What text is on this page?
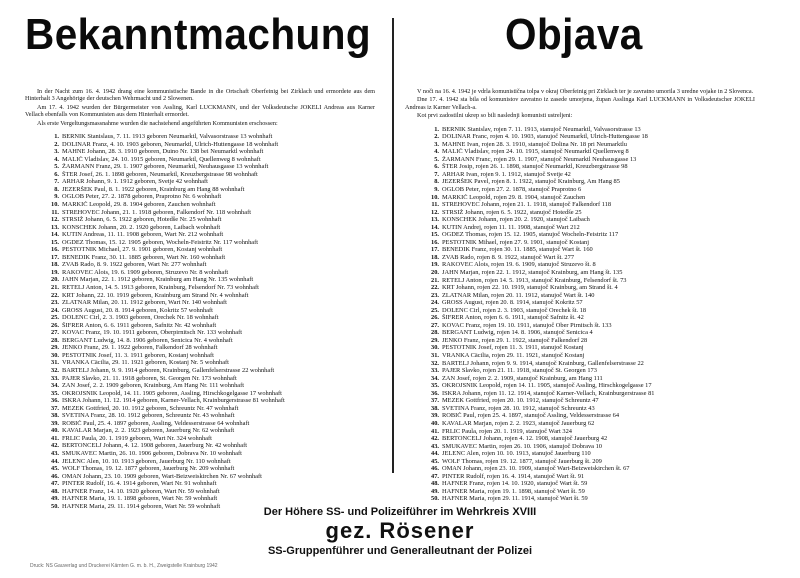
Bekanntmachung	Objava

In der Nacht zum 16. 4. 1942 drang eine kommunistische Bande in die Ortschaft Oberfeinig bei Zirklach und ermordete aus dem Hinterhalt 3 Angehörige der deutschen Wehrmacht und 2 Slowenen.

Am 17. 4. 1942 wurden der Bürgermeister von Assling, Karl LUCKMANN, und der Volksdeutsche JOKELI Andreas aus Karner Vellach ebenfalls von Kommunisten aus dem Hinterhalt ermordet.

Als erste Vergeltungsmassnahme wurden die nachstehend angeführten Kommunisten erschossen:

1. BERNIK Stanislaus, 7. 11. 1913 geboren Neumarktl, Valvasorstrasse 13 wohnhaft
2. DOLINAR Franz, 4. 10. 1903 geboren, Neumarktl, Ulrich-Huttengasse 18 wohnhaft
3. MAHNE Johann, 28. 3. 1910 geboren, Duino Nr. 138 bei Neumarktl wohnhaft
4. MALIČ Vladislav, 24. 10. 1915 geboren, Neumarktl, Quellenweg 8 wohnhaft
5. ŽARMANN Franz, 29. 1. 1907 geboren, Neumarktl, Neuhausgasse 13 wohnhaft
6. ŠTER Josef, 26. 1. 1898 geboren, Neumarktl, Kreuzbergstrasse 98 wohnhaft
7. ARHAR Johann, 9. 1. 1912 geboren, Svetje 42 wohnhaft
8. JEZERŠEK Paul, 8. 1. 1922 geboren, Krainburg am Hang 88 wohnhaft
9. OGLOB Peter, 27. 2. 1878 geboren, Praprotno Nr. 6 wohnhaft
10. MARKIČ Leopold, 29. 8. 1904 geboren, Zauchen wohnhaft
11. STREHOVEC Johann, 21. 1. 1918 geboren, Falkendorf Nr. 118 wohnhaft
12. STRSIŽ Johann, 6. 5. 1922 geboren, Hotedše Nr. 25 wohnhaft
13. KONSCHEK Johann, 20. 2. 1920 geboren, Laibach wohnhaft
14. KUTIN Andreas, 11. 11. 1908 geboren, Wart Nr. 212 wohnhaft
15. OGDEZ Thomas, 15. 12. 1905 geboren, Wocheln-Feistritz Nr. 117 wohnhaft
16. PESTOTNIK Michael, 27. 9. 1901 geboren, Kostanj wohnhaft
17. BENEDIK Franz, 30. 11. 1885 geboren, Wart Nr. 160 wohnhaft
18. ZVAB Rado, 8. 9. 1922 geboren, Wart Nr. 277 wohnhaft
19. RAKOVEC Alois, 19. 6. 1909 geboren, Struzevo Nr. 8 wohnhaft
20. JAHN Marjan, 22. 1. 1912 geboren, Krainburg am Hang Nr. 135 wohnhaft
21. RETELJ Anton, 14. 5. 1913 geboren, Krainburg, Felsendorf Nr. 73 wohnhaft
22. KRT Johann, 22. 10. 1919 geboren, Krainburg am Strand Nr. 4 wohnhaft
23. ZLATNAR Milan, 20. 11. 1912 geboren, Wart Nr. 140 wohnhaft
24. GROSS August, 20. 8. 1914 geboren, Kokritz 57 wohnhaft
25. DOLENC Cirl, 2. 3. 1903 geboren, Orechek Nr. 18 wohnhaft
26. ŠIFRER Anton, 6. 6. 1911 geboren, Safnitz Nr. 42 wohnhaft
27. KOVAC Franz, 19. 10. 1911 geboren, Oberpirnitsch Nr. 133 wohnhaft
28. BERGANT Ludwig, 14. 8. 1906 geboren, Senicica Nr. 4 wohnhaft
29. JENKO Franz, 29. 1. 1922 geboren, Falkendorf 28 wohnhaft
30. PESTOTNIK Josef, 11. 3. 1911 geboren, Kostanj wohnhaft
31. VRANKA Cäcilia, 29. 11. 1921 geboren, Kostanj Nr. 5 wohnhaft
32. BARTELJ Johann, 9. 9. 1914 geboren, Krainburg, Gallenfelserstrasse 22 wohnhaft
33. PAJER Slavko, 21. 11. 1918 geboren, St. Georgen Nr. 173 wohnhaft
34. ZAN Josef, 2. 2. 1909 geboren, Krainburg, Am Hang Nr. 111 wohnhaft
35. OKROJSNIK Leopold, 14. 11. 1905 geboren, Assling, Hirschkogelgasse 17 wohnhaft
36. ISKRA Johann, 11. 12. 1914 geboren, Karner-Vellach, Krainburgerstrasse 81 wohnhaft
37. MEZEK Gottfried, 20. 10. 1912 geboren, Schreuntz Nr. 47 wohnhaft
38. SVETINA Franz, 28. 10. 1912 geboren, Schreuntz Nr. 43 wohnhaft
39. ROBIČ Paul, 25. 4. 1897 geboren, Assling, Veldesserstrasse 64 wohnhaft
40. KAVALAR Marjan, 2. 2. 1923 geboren, Jauerburg Nr. 62 wohnhaft
41. FRLIC Paula, 20. 1. 1919 geboren, Wart Nr. 324 wohnhaft
42. BERTONCELJ Johann, 4. 12. 1908 geboren, Jauerburg Nr. 42 wohnhaft
43. SMUKAVEC Martin, 26. 10. 1906 geboren, Dobrava Nr. 10 wohnhaft
44. JELENC Alen, 10. 10. 1913 geboren, Jauerburg Nr. 110 wohnhaft
45. WOLF Thomas, 19. 12. 1877 geboren, Jauerburg Nr. 209 wohnhaft
46. OMAN Johann, 23. 10. 1909 geboren, Wart-Beizweiskirchen Nr. 67 wohnhaft
47. PINTER Rudolf, 16. 4. 1914 geboren, Wart Nr. 91 wohnhaft
48. HAFNER Franz, 14. 10. 1920 geboren, Wart Nr. 59 wohnhaft
49. HAFNER Maria, 19. 1. 1898 geboren, Wart Nr. 59 wohnhaft
50. HAFNER Maria, 29. 11. 1914 geboren, Wart Nr. 59 wohnhaft

V noči na 16. 4. 1942 je vdrla komunistična tolpa v okraj Oberfeinig pri Zirklach ter je zavratno umorila 3 uredne vojake in 2 Slovenca.

Dne 17. 4. 1942 sta bila od komunistov zavratno iz zasede umorjena, župan Asslinga Karl LUCKMANN in Volksdeutscher JOKELI Andreas iz Karner Vellach-a.

Kot prvi zadostilni ukrep so bili naslednji komunisti ustreljeni:

1. BERNIK Stanislav, rojen 7. 11. 1913, stanujoč Neumarktl, Valvasorstrasse 13
2. DOLINAR Franc, rojen 4. 10. 1903, stanujoč Neumarktl, Ulrich-Huttengasse 18
3. MAHNE Ivan, rojen 28. 3. 1910, stanujoč Dolina Nr. 18 pri Neumarktlu
4. MALIČ Vladislav, rojen 24. 10. 1915, stanujoč Neumarktl Quellenweg 8
5. ŽARMANN Franc, rojen 29. 1. 1907, stanujoč Neumarktl Neuhausgasse 13
6. ŠTER Josip, rojen 26. 1. 1898, stanujoč Neumarktl, Kreuzbergstrasse 98
7. ARHAR Ivan, rojen 9. 1. 1912, stanujoč Svetje 42
8. JEZERŠEK Pavel, rojen 8. 1. 1922, stanujoč Krainburg, Am Hang 85
9. OGLOB Peter, rojen 27. 2. 1878, stanujoč Praprotno 6
10. MARKIČ Leopold, rojen 29. 8. 1904, stanujoč Zauchen
11. STREHOVEC Johann, rojen 21. 1. 1918, stanujoč Falkendorf 118
12. STRSIŽ Johann, rojen 6. 5. 1922, stanujoč Hotedše 25
13. KONSCHEK Johann, rojen 20. 2. 1920, stanujoč Laibach
14. KUTIN Andrej, rojen 11. 11. 1908, stanujoč Wart 212
15. OGDEZ Thomas, rojen 15. 12. 1905, stanujoč Wocheln-Feistritz 117
16. PESTOTNIK Mihael, rojen 27. 9. 1901, stanujoč Kostanj
17. BENEDIK Franz, rojen 30. 11. 1885, stanujoč Wart št. 160
18. ZVAB Rado, rojen 8. 9. 1922, stanujoč Wart št. 277
19. RAKOVEC Alois, rojen 19. 6. 1909, stanujoč Struzevo št. 8
20. JAHN Marjan, rojen 22. 1. 1912, stanujoč Krainburg, am Hang št. 135
21. RETELJ Anton, rojen 14. 5. 1913, stanujoč Krainburg, Felsendorf št. 73
22. KRT Johann, rojen 22. 10. 1919, stanujoč Krainburg, am Strand št. 4
23. ZLATNAR Milan, rojen 20. 11. 1912, stanujoč Wart št. 140
24. GROSS August, rojen 20. 8. 1914, stanujoč Kokritz 57
25. DOLENC Cirl, rojen 2. 3. 1903, stanujoč Orechek št. 18
26. ŠIFRER Anton, rojen 6. 6. 1911, stanujoč Safnitz št. 42
27. KOVAC Franz, rojen 19. 10. 1911, stanujoč Ober Pirnitsch št. 133
28. BERGANT Ludwig, rojen 14. 8. 1906, stanujoč Senicica 4
29. JENKO Franz, rojen 29. 1. 1922, stanujoč Falkendorf 28
30. PESTOTNIK Josef, rojen 11. 3. 1911, stanujoč Kostanj
31. VRANKA Cäcilia, rojen 29. 11. 1921, stanujoč Kostanj
32. BARTELJ Johann, rojen 9. 9. 1914, stanujoč Krainburg, Gallenfelserstrasse 22
33. PAJER Slavko, rojen 21. 11. 1918, stanujoč St. Georgen 173
34. ZAN Josef, rojen 2. 2. 1909, stanujoč Krainburg, am Hang 111
35. OKROJSNIK Leopold, rojen 14. 11. 1905, stanujoč Assling, Hirschkogelgasse 17
36. ISKRA Johann, rojen 11. 12. 1914, stanujoč Karner-Vellach, Krainburgerstrasse 81
37. MEZEK Gottfried, rojen 20. 10. 1912, stanujoč Schreuntz 47
38. SVETINA Franz, rojen 28. 10. 1912, stanujoč Schreuntz 43
39. ROBIČ Paul, rojen 25. 4. 1897, stanujoč Assling, Veldesserstrasse 64
40. KAVALAR Marjan, rojen 2. 2. 1923, stanujoč Jauerburg 62
41. FRLIC Paula, rojen 20. 1. 1919, stanujoč Wart 324
42. BERTONCELJ Johann, rojen 4. 12. 1908, stanujoč Jauerburg 42
43. SMUKAVEC Martin, rojen 26. 10. 1906, stanujoč Dobrava 10
44. JELENC Alen, rojen 10. 10. 1913, stanujoč Jauerburg 110
45. WOLF Thomas, rojen 19. 12. 1877, stanujoč Jauerburg št. 209
46. OMAN Johann, rojen 23. 10. 1909, stanujoč Wart-Beizweiskirchen št. 67
47. PINTER Rudolf, rojen 16. 4. 1914, stanujoč Wart št. 91
48. HAFNER Franz, rojen 14. 10. 1920, stanujoč Wart št. 59
49. HAFNER Maria, rojen 19. 1. 1898, stanujoč Wart št. 59
50. HAFNER Maria, rojen 29. 11. 1914, stanujoč Wart št. 59
Der Höhere SS- und Polizeiführer im Wehrkreis XVIII
gez. Rösener
SS-Gruppenführer und Generalleutnant der Polizei
Druck: NS Gauverlag und Druckerei Kärnten G. m. b. H., Zweigstelle Krainburg 1942
